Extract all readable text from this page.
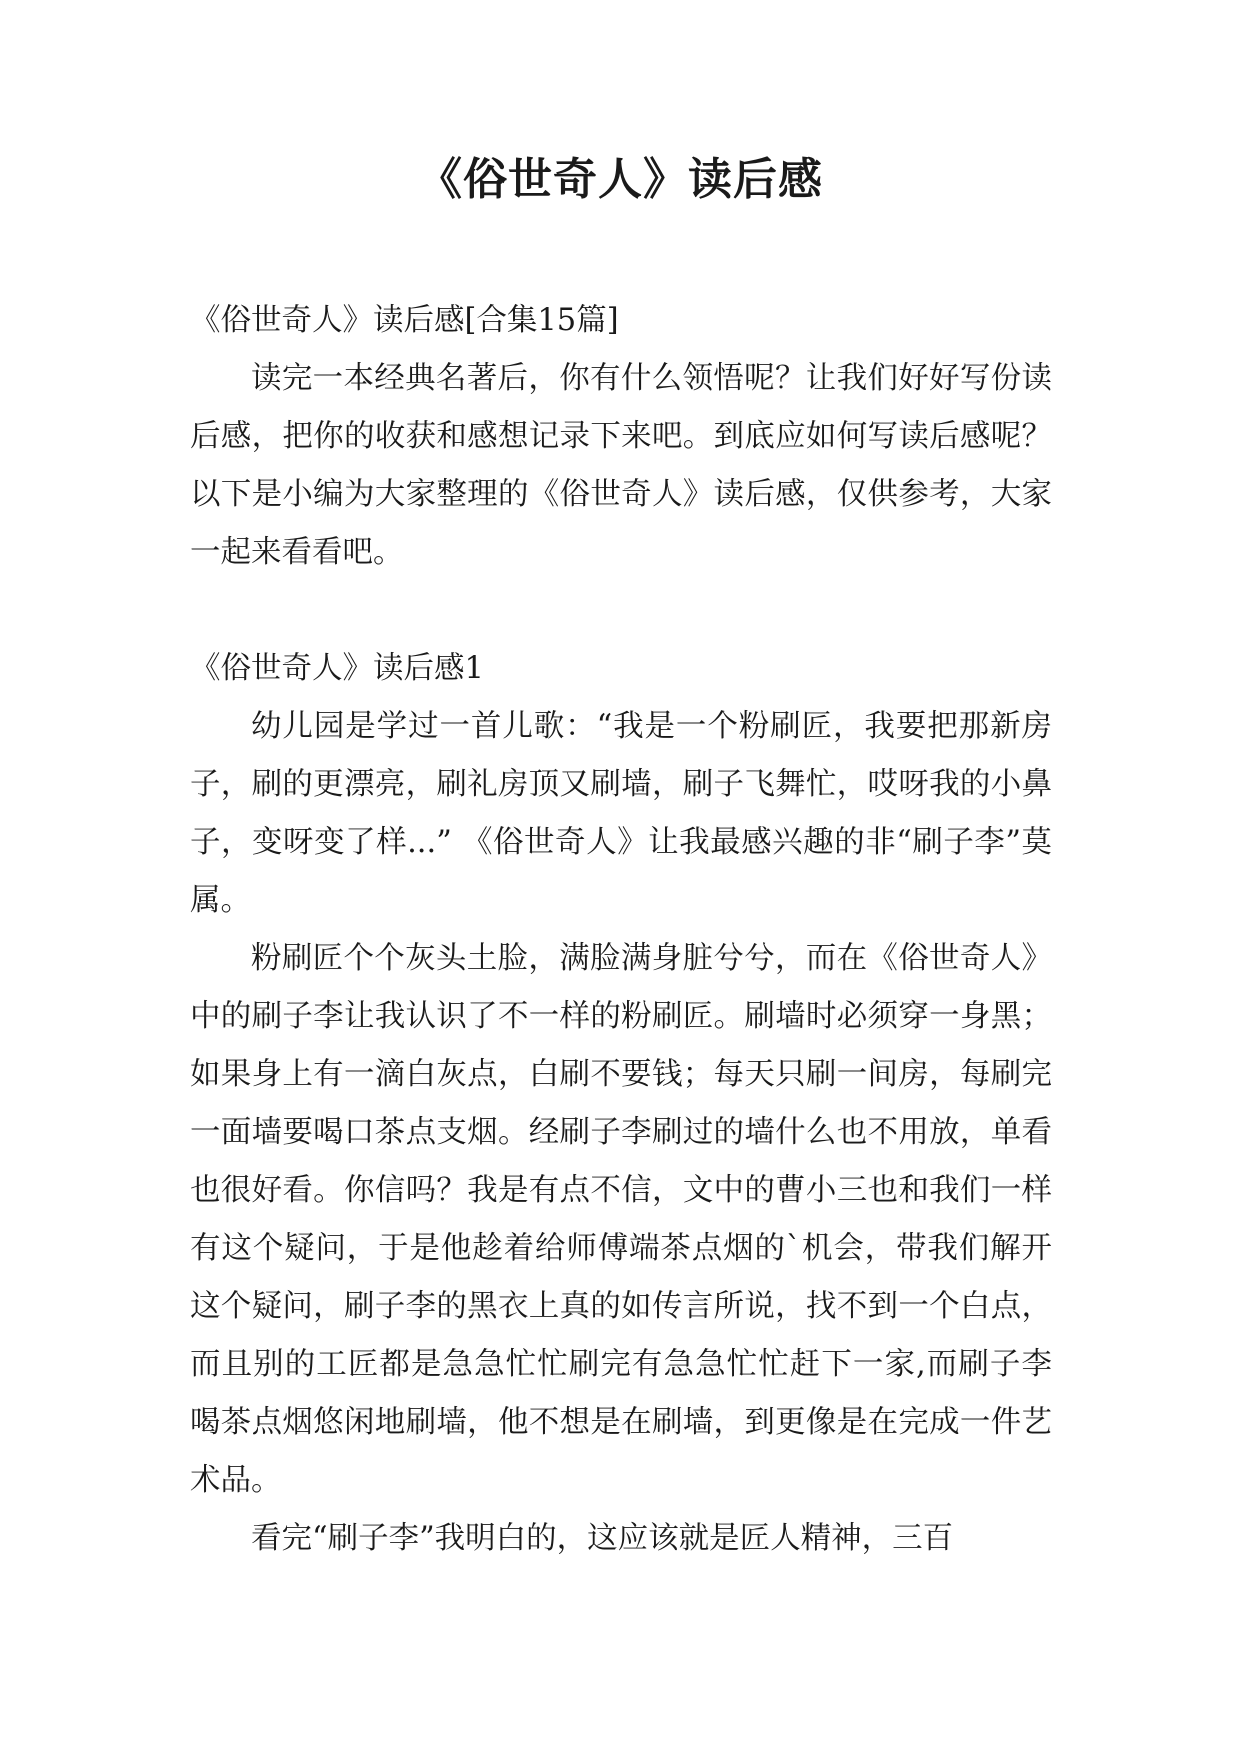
《俗世奇人》读后感

《俗世奇人》读后感[合集15篇]

读完一本经典名著后，你有什么领悟呢？让我们好好写份读后感，把你的收获和感想记录下来吧。到底应如何写读后感呢？以下是小编为大家整理的《俗世奇人》读后感，仅供参考，大家一起来看看吧。

《俗世奇人》读后感1

幼儿园是学过一首儿歌：“我是一个粉刷匠，我要把那新房子，刷的更漂亮，刷礼房顶又刷墙，刷子飞舞忙，哎呀我的小鼻子，变呀变了样...” 《俗世奇人》让我最感兴趣的非“刷子李”莫属。

粉刷匠个个灰头土脸，满脸满身脏兮兮，而在《俗世奇人》中的刷子李让我认识了不一样的粉刷匠。刷墙时必须穿一身黑；如果身上有一滴白灰点，白刷不要钱；每天只刷一间房，每刷完一面墙要喝口茶点支烟。经刷子李刷过的墙什么也不用放，单看也很好看。你信吗？我是有点不信，文中的曹小三也和我们一样有这个疑问，于是他趁着给师傅端茶点烟的`机会，带我们解开这个疑问，刷子李的黑衣上真的如传言所说，找不到一个白点，而且别的工匠都是急急忙忙刷完有急急忙忙赶下一家,而刷子李喝茶点烟悠闲地刷墙，他不想是在刷墙，到更像是在完成一件艺术品。

看完“刷子李”我明白的，这应该就是匠人精神，三百
